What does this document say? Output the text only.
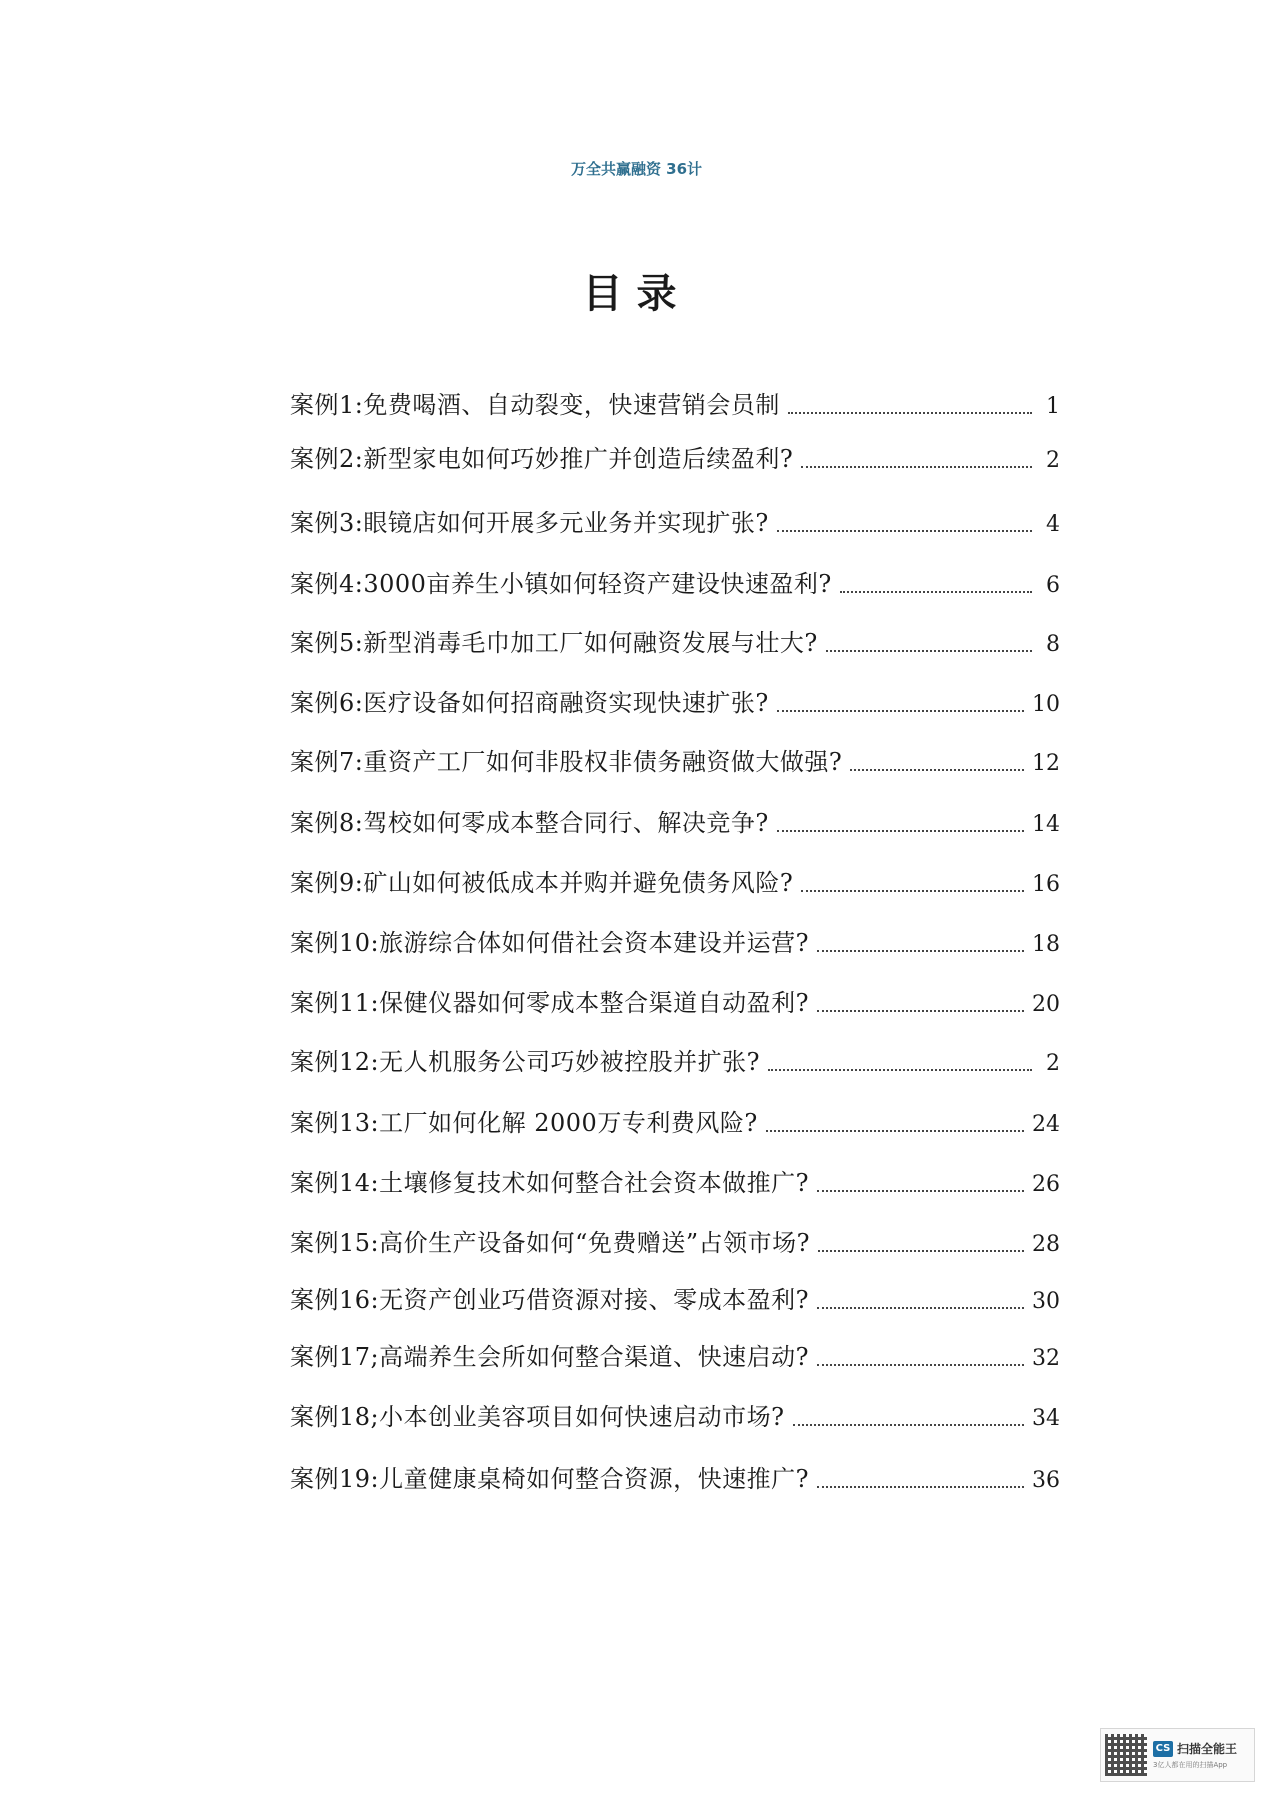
万全共赢融资 36计
目录
案例1:免费喝酒、自动裂变，快速营销会员制	1
案例2:新型家电如何巧妙推广并创造后续盈利?	2
案例3:眼镜店如何开展多元业务并实现扩张?	4
案例4:3000亩养生小镇如何轻资产建设快速盈利?	6
案例5:新型消毒毛巾加工厂如何融资发展与壮大?	8
案例6:医疗设备如何招商融资实现快速扩张?	10
案例7:重资产工厂如何非股权非债务融资做大做强?	12
案例8:驾校如何零成本整合同行、解决竞争?	14
案例9:矿山如何被低成本并购并避免债务风险?	16
案例10:旅游综合体如何借社会资本建设并运营?	18
案例11:保健仪器如何零成本整合渠道自动盈利?	20
案例12:无人机服务公司巧妙被控股并扩张?	2
案例13:工厂如何化解 2000万专利费风险?	24
案例14:土壤修复技术如何整合社会资本做推广?	26
案例15:高价生产设备如何“免费赠送”占领市场?	28
案例16:无资产创业巧借资源对接、零成本盈利?	30
案例17;高端养生会所如何整合渠道、快速启动?	32
案例18;小本创业美容项目如何快速启动市场?	34
案例19:儿童健康桌椅如何整合资源，快速推广?	36
CS 扫描全能王
3亿人都在用的扫描App
